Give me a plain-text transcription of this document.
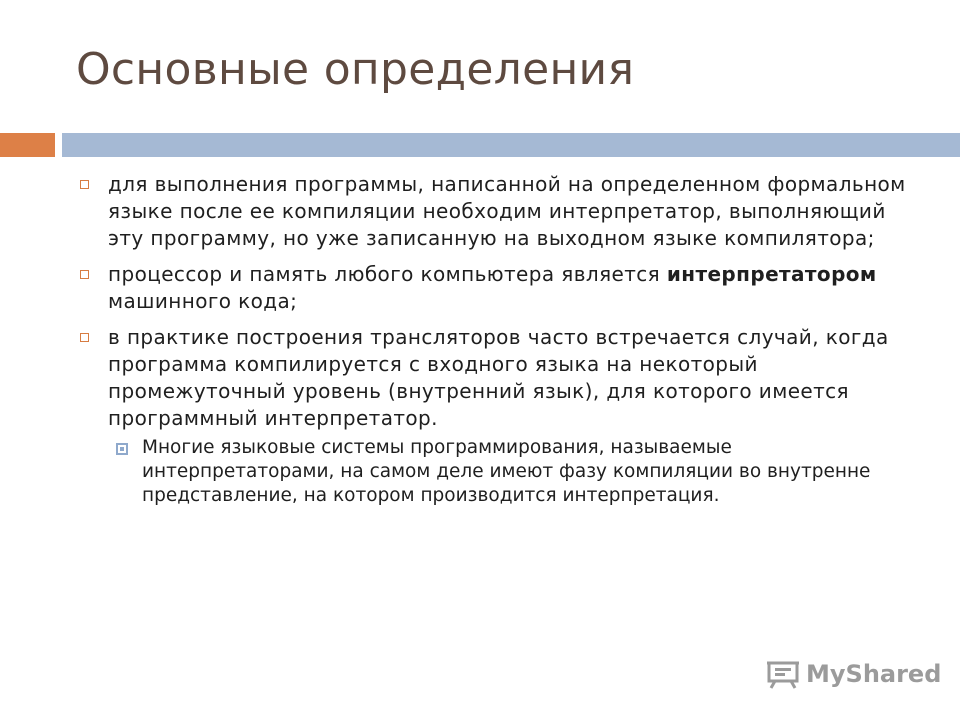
Основные определения
для выполнения программы, написанной на определенном формальном языке после ее компиляции необходим интерпретатор, выполняющий эту программу, но уже записанную на выходном языке компилятора;
процессор и память любого компьютера является интерпретатором машинного кода;
в практике построения трансляторов часто встречается случай, когда программа компилируется с входного языка на некоторый промежуточный уровень (внутренний язык), для которого имеется программный интерпретатор.
Многие языковые системы программирования, называемые интерпретаторами, на самом деле имеют фазу компиляции во внутренне представление, на котором производится интерпретация.
MyShared
